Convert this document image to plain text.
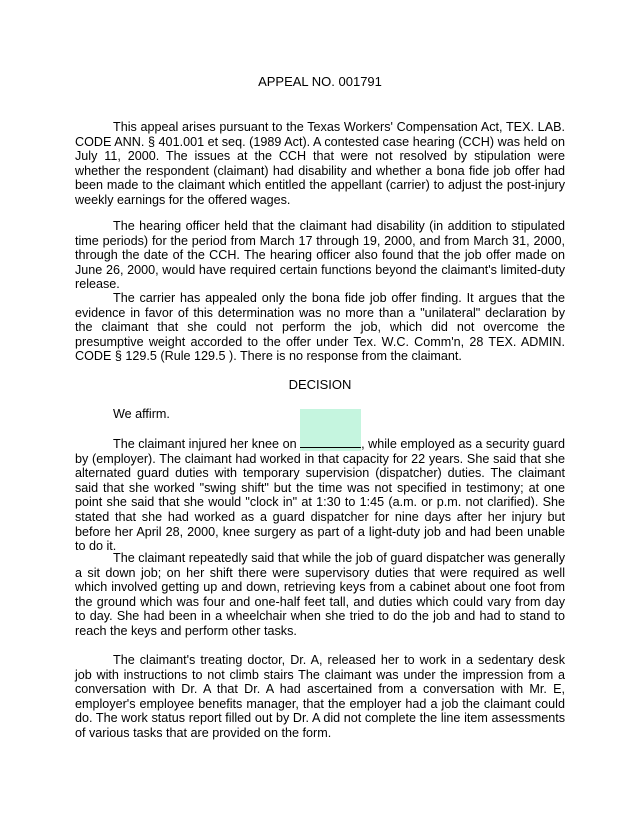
APPEAL NO. 001791

This appeal arises pursuant to the Texas Workers' Compensation Act, TEX. LAB. CODE ANN. § 401.001 et seq. (1989 Act). A contested case hearing (CCH) was held on July 11, 2000. The issues at the CCH that were not resolved by stipulation were whether the respondent (claimant) had disability and whether a bona fide job offer had been made to the claimant which entitled the appellant (carrier) to adjust the post-injury weekly earnings for the offered wages.

The hearing officer held that the claimant had disability (in addition to stipulated time periods) for the period from March 17 through 19, 2000, and from March 31, 2000, through the date of the CCH. The hearing officer also found that the job offer made on June 26, 2000, would have required certain functions beyond the claimant's limited-duty release.

The carrier has appealed only the bona fide job offer finding. It argues that the evidence in favor of this determination was no more than a "unilateral" declaration by the claimant that she could not perform the job, which did not overcome the presumptive weight accorded to the offer under Tex. W.C. Comm'n, 28 TEX. ADMIN. CODE § 129.5 (Rule 129.5 ). There is no response from the claimant.

DECISION

We affirm.

The claimant injured her knee on	, while employed as a security guard by (employer). The claimant had worked in that capacity for 22 years. She said that she alternated guard duties with temporary supervision (dispatcher) duties. The claimant said that she worked "swing shift" but the time was not specified in testimony; at one point she said that she would "clock in" at 1:30 to 1:45 (a.m. or p.m. not clarified). She stated that she had worked as a guard dispatcher for nine days after her injury but before her April 28, 2000, knee surgery as part of a light-duty job and had been unable to do it.

The claimant repeatedly said that while the job of guard dispatcher was generally a sit down job; on her shift there were supervisory duties that were required as well which involved getting up and down, retrieving keys from a cabinet about one foot from the ground which was four and one-half feet tall, and duties which could vary from day to day. She had been in a wheelchair when she tried to do the job and had to stand to reach the keys and perform other tasks.

The claimant's treating doctor, Dr. A, released her to work in a sedentary desk job with instructions to not climb stairs The claimant was under the impression from a conversation with Dr. A that Dr. A had ascertained from a conversation with Mr. E, employer's employee benefits manager, that the employer had a job the claimant could do. The work status report filled out by Dr. A did not complete the line item assessments of various tasks that are provided on the form.
